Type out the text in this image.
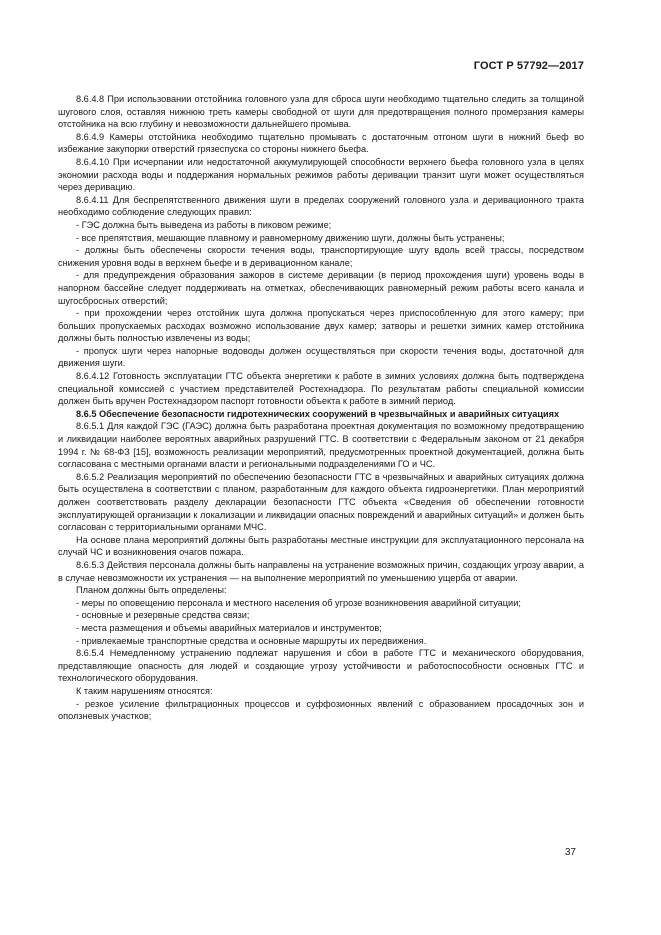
ГОСТ Р 57792—2017

8.6.4.8 При использовании отстойника головного узла для сброса шуги необходимо тщательно следить за толщиной шугового слоя, оставляя нижнюю треть камеры свободной от шуги для предотвращения полного промерзания камеры отстойника на всю глубину и невозможности дальнейшего промыва.

8.6.4.9 Камеры отстойника необходимо тщательно промывать с достаточным отгоном шуги в нижний бьеф во избежание закупорки отверстий грязеспуска со стороны нижнего бьефа.

8.6.4.10 При исчерпании или недостаточной аккумулирующей способности верхнего бьефа головного узла в целях экономии расхода воды и поддержания нормальных режимов работы деривации транзит шуги может осуществляться через деривацию.

8.6.4.11 Для беспрепятственного движения шуги в пределах сооружений головного узла и деривационного тракта необходимо соблюдение следующих правил:

- ГЭС должна быть выведена из работы в пиковом режиме;

- все препятствия, мешающие плавному и равномерному движению шуги, должны быть устранены;

- должны быть обеспечены скорости течения воды, транспортирующие шугу вдоль всей трассы, посредством снижения уровня воды в верхнем бьефе и в деривационном канале;

- для предупреждения образования зажоров в системе деривации (в период прохождения шуги) уровень воды в напорном бассейне следует поддерживать на отметках, обеспечивающих равномерный режим работы всего канала и шугосбросных отверстий;

- при прохождении через отстойник шуга должна пропускаться через приспособленную для этого камеру; при больших пропускаемых расходах возможно использование двух камер; затворы и решетки зимних камер отстойника должны быть полностью извлечены из воды;

- пропуск шуги через напорные водоводы должен осуществляться при скорости течения воды, достаточной для движения шуги.

8.6.4.12 Готовность эксплуатации ГТС объекта энергетики к работе в зимних условиях должна быть подтверждена специальной комиссией с участием представителей Ростехнадзора. По результатам работы специальной комиссии должен быть вручен Ростехнадзором паспорт готовности объекта к работе в зимний период.

8.6.5 Обеспечение безопасности гидротехнических сооружений в чрезвычайных и аварийных ситуациях

8.6.5.1 Для каждой ГЭС (ГАЭС) должна быть разработана проектная документация по возможному предотвращению и ликвидации наиболее вероятных аварийных разрушений ГТС. В соответствии с Федеральным законом от 21 декабря 1994 г. № 68-ФЗ [15], возможность реализации мероприятий, предусмотренных проектной документацией, должна быть согласована с местными органами власти и региональными подразделениями ГО и ЧС.

8.6.5.2 Реализация мероприятий по обеспечению безопасности ГТС в чрезвычайных и аварийных ситуациях должна быть осуществлена в соответствии с планом, разработанным для каждого объекта гидроэнергетики. План мероприятий должен соответствовать разделу декларации безопасности ГТС объекта «Сведения об обеспечении готовности эксплуатирующей организации к локализации и ликвидации опасных повреждений и аварийных ситуаций» и должен быть согласован с территориальными органами МЧС.

На основе плана мероприятий должны быть разработаны местные инструкции для эксплуатационного персонала на случай ЧС и возникновения очагов пожара.

8.6.5.3 Действия персонала должны быть направлены на устранение возможных причин, создающих угрозу аварии, а в случае невозможности их устранения — на выполнение мероприятий по уменьшению ущерба от аварии.

Планом должны быть определены:

- меры по оповещению персонала и местного населения об угрозе возникновения аварийной ситуации;

- основные и резервные средства связи;

- места размещения и объемы аварийных материалов и инструментов;

- привлекаемые транспортные средства и основные маршруты их передвижения.

8.6.5.4 Немедленному устранению подлежат нарушения и сбои в работе ГТС и механического оборудования, представляющие опасность для людей и создающие угрозу устойчивости и работоспособности основных ГТС и технологического оборудования.

К таким нарушениям относятся:

- резкое усиление фильтрационных процессов и суффозионных явлений с образованием просадочных зон и оползневых участков;

37
